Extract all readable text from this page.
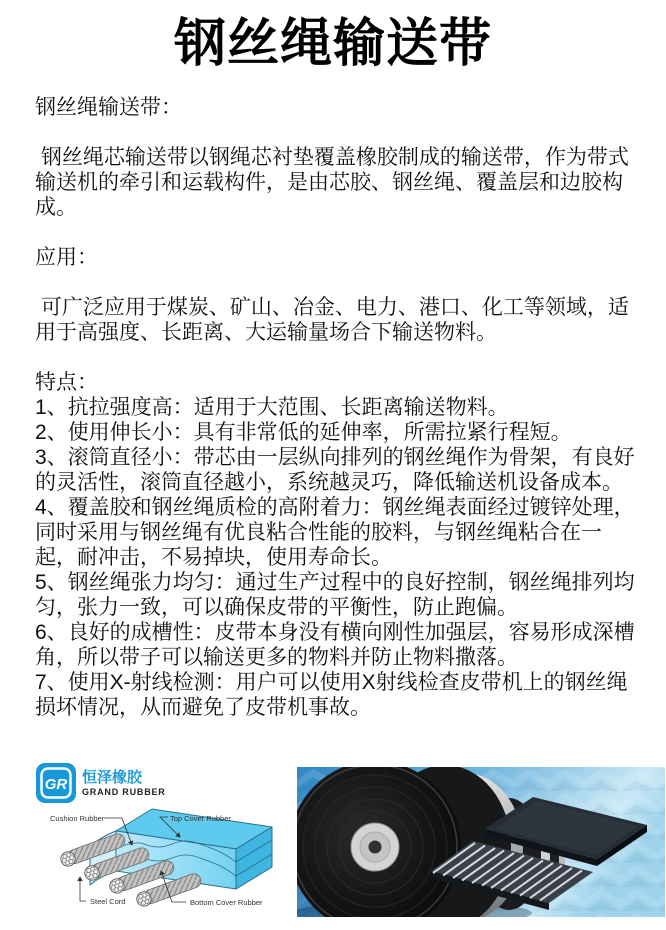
钢丝绳输送带

钢丝绳输送带：

钢丝绳芯输送带以钢绳芯衬垫覆盖橡胶制成的输送带，作为带式输送机的牵引和运载构件，是由芯胶、钢丝绳、覆盖层和边胶构成。

应用：

可广泛应用于煤炭、矿山、冶金、电力、港口、化工等领域，适用于高强度、长距离、大运输量场合下输送物料。

特点：

1、抗拉强度高：适用于大范围、长距离输送物料。

2、使用伸长小：具有非常低的延伸率，所需拉紧行程短。

3、滚筒直径小：带芯由一层纵向排列的钢丝绳作为骨架，有良好的灵活性，滚筒直径越小，系统越灵巧，降低输送机设备成本。

4、覆盖胶和钢丝绳质检的高附着力：钢丝绳表面经过镀锌处理，同时采用与钢丝绳有优良粘合性能的胶料，与钢丝绳粘合在一起，耐冲击，不易掉块，使用寿命长。

5、钢丝绳张力均匀：通过生产过程中的良好控制，钢丝绳排列均匀，张力一致，可以确保皮带的平衡性，防止跑偏。

6、良好的成槽性：皮带本身没有横向刚性加强层，容易形成深槽角，所以带子可以输送更多的物料并防止物料撒落。

7、使用X-射线检测：用户可以使用X射线检查皮带机上的钢丝绳损坏情况，从而避免了皮带机事故。

GR 恒泽橡胶
GRAND RUBBER
Cushion Rubber	Top Cover Rubber
Steel Cord	Bottom Cover Rubber
